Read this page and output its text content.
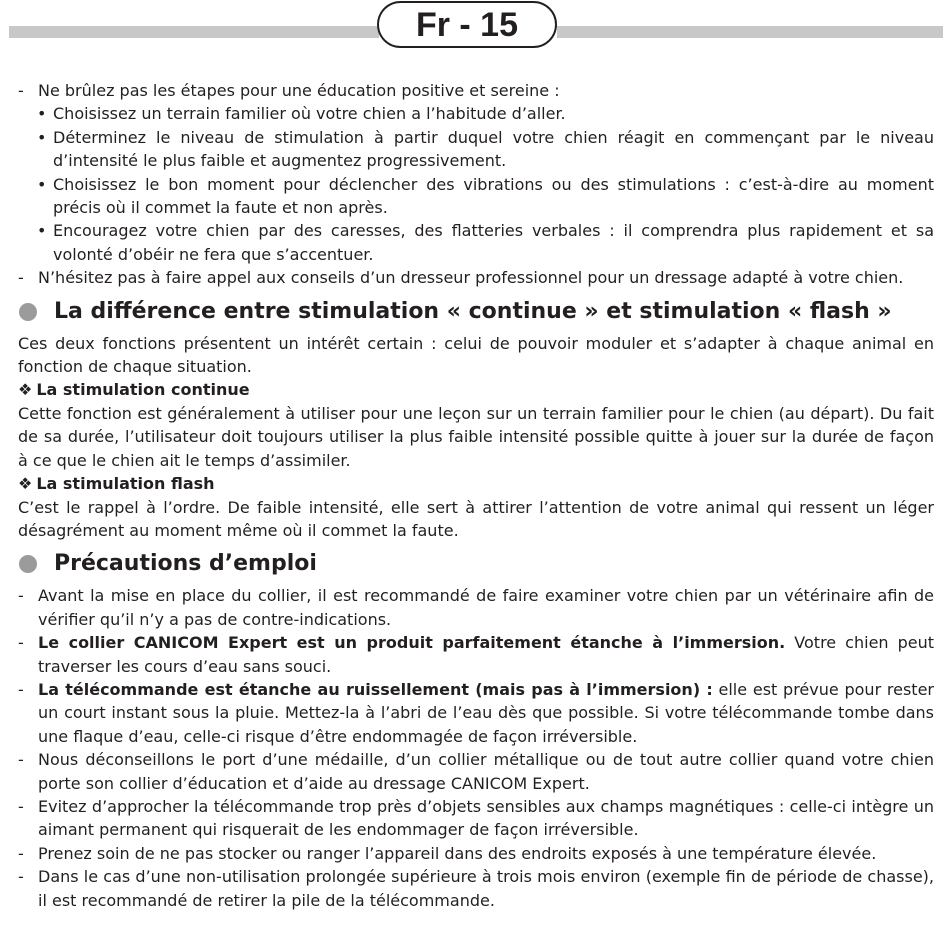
Fr - 15

- Ne brûlez pas les étapes pour une éducation positive et sereine :

• Choisissez un terrain familier où votre chien a l’habitude d’aller.

• Déterminez le niveau de stimulation à partir duquel votre chien réagit en commençant par le niveau d’intensité le plus faible et augmentez progressivement.

• Choisissez le bon moment pour déclencher des vibrations ou des stimulations : c’est-à-dire au moment précis où il commet la faute et non après.

• Encouragez votre chien par des caresses, des flatteries verbales : il comprendra plus rapidement et sa volonté d’obéir ne fera que s’accentuer.

- N’hésitez pas à faire appel aux conseils d’un dresseur professionnel pour un dressage adapté à votre chien.

La différence entre stimulation « continue » et stimulation « flash »

Ces deux fonctions présentent un intérêt certain : celui de pouvoir moduler et s’adapter à chaque animal en fonction de chaque situation.

❖ La stimulation continue

Cette fonction est généralement à utiliser pour une leçon sur un terrain familier pour le chien (au départ). Du fait de sa durée, l’utilisateur doit toujours utiliser la plus faible intensité possible quitte à jouer sur la durée de façon à ce que le chien ait le temps d’assimiler.

❖ La stimulation flash

C’est le rappel à l’ordre. De faible intensité, elle sert à attirer l’attention de votre animal qui ressent un léger désagrément au moment même où il commet la faute.

Précautions d’emploi

- Avant la mise en place du collier, il est recommandé de faire examiner votre chien par un vétérinaire afin de vérifier qu’il n’y a pas de contre-indications.

- Le collier CANICOM Expert est un produit parfaitement étanche à l’immersion. Votre chien peut traverser les cours d’eau sans souci.

- La télécommande est étanche au ruissellement (mais pas à l’immersion) : elle est prévue pour rester un court instant sous la pluie. Mettez-la à l’abri de l’eau dès que possible. Si votre télécommande tombe dans une flaque d’eau, celle-ci risque d’être endommagée de façon irréversible.

- Nous déconseillons le port d’une médaille, d’un collier métallique ou de tout autre collier quand votre chien porte son collier d’éducation et d’aide au dressage CANICOM Expert.

- Evitez d’approcher la télécommande trop près d’objets sensibles aux champs magnétiques : celle-ci intègre un aimant permanent qui risquerait de les endommager de façon irréversible.

- Prenez soin de ne pas stocker ou ranger l’appareil dans des endroits exposés à une température élevée.

- Dans le cas d’une non-utilisation prolongée supérieure à trois mois environ (exemple fin de période de chasse), il est recommandé de retirer la pile de la télécommande.
